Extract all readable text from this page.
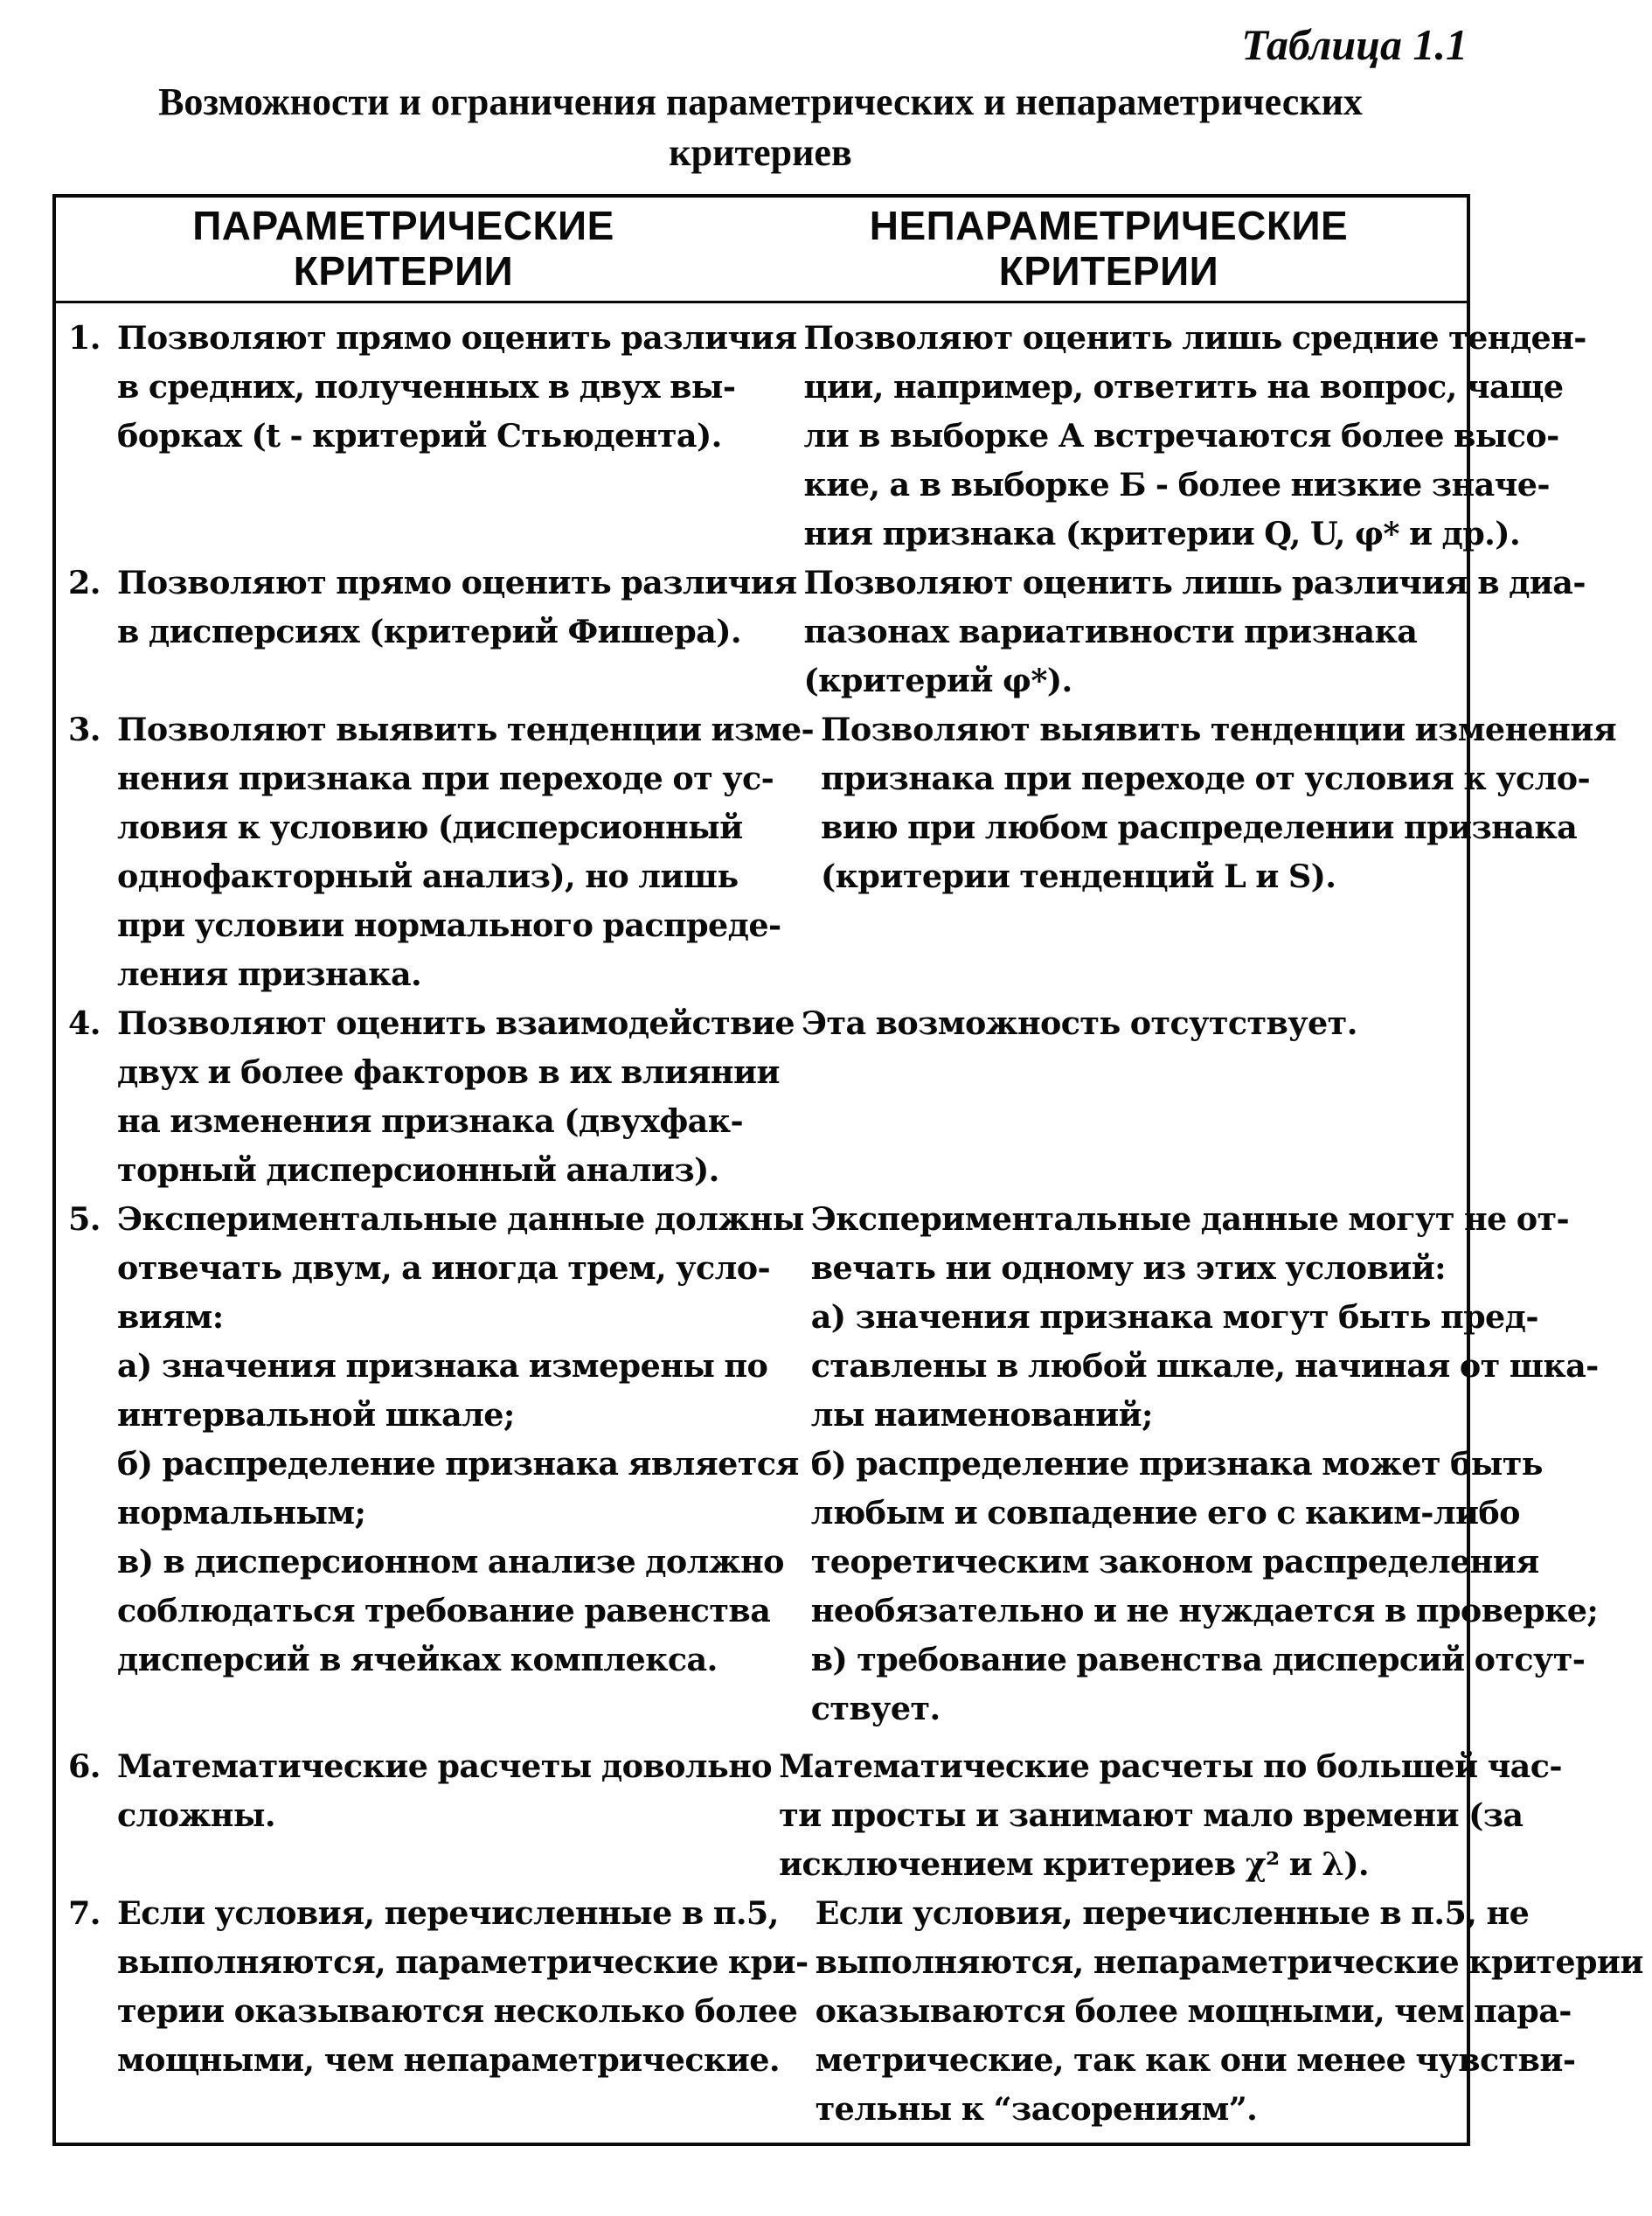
Таблица 1.1
Возможности и ограничения параметрических и непараметрических
критериев
ПАРАМЕТРИЧЕСКИЕ
КРИТЕРИИ
НЕПАРАМЕТРИЧЕСКИЕ
КРИТЕРИИ
1. Позволяют прямо оценить различия
в средних, полученных в двух вы-
борках (t - критерий Стьюдента).
Позволяют оценить лишь средние тенден-
ции, например, ответить на вопрос, чаще
ли в выборке А встречаются более высо-
кие, а в выборке Б - более низкие значе-
ния признака (критерии Q, U, φ* и др.).
2. Позволяют прямо оценить различия
в дисперсиях (критерий Фишера).
Позволяют оценить лишь различия в диа-
пазонах вариативности признака
(критерий φ*).
3. Позволяют выявить тенденции изме-
нения признака при переходе от ус-
ловия к условию (дисперсионный
однофакторный анализ), но лишь
при условии нормального распреде-
ления признака.
Позволяют выявить тенденции изменения
признака при переходе от условия к усло-
вию при любом распределении признака
(критерии тенденций L и S).
4. Позволяют оценить взаимодействие
двух и более факторов в их влиянии
на изменения признака (двухфак-
торный дисперсионный анализ).
Эта возможность отсутствует.
5. Экспериментальные данные должны
отвечать двум, а иногда трем, усло-
виям:
а) значения признака измерены по
интервальной шкале;
б) распределение признака является
нормальным;
в) в дисперсионном анализе должно
соблюдаться требование равенства
дисперсий в ячейках комплекса.
Экспериментальные данные могут не от-
вечать ни одному из этих условий:
а) значения признака могут быть пред-
ставлены в любой шкале, начиная от шка-
лы наименований;
б) распределение признака может быть
любым и совпадение его с каким-либо
теоретическим законом распределения
необязательно и не нуждается в проверке;
в) требование равенства дисперсий отсут-
ствует.
6. Математические расчеты довольно
сложны.
Математические расчеты по большей час-
ти просты и занимают мало времени (за
исключением критериев χ² и λ).
7. Если условия, перечисленные в п.5,
выполняются, параметрические кри-
терии оказываются несколько более
мощными, чем непараметрические.
Если условия, перечисленные в п.5, не
выполняются, непараметрические критерии
оказываются более мощными, чем пара-
метрические, так как они менее чувстви-
тельны к “засорениям”.
